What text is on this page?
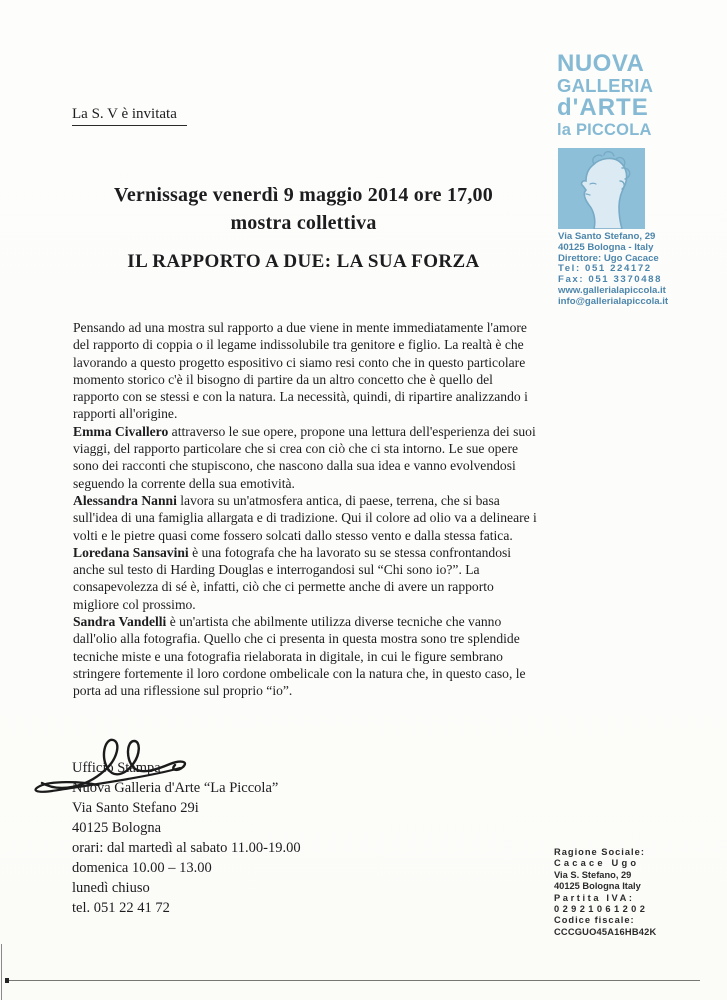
La S. V è invitata
Vernissage venerdì 9 maggio 2014 ore 17,00
mostra collettiva
IL RAPPORTO A DUE: LA SUA FORZA

Pensando ad una mostra sul rapporto a due viene in mente immediatamente l'amore del rapporto di coppia o il legame indissolubile tra genitore e figlio. La realtà è che lavorando a questo progetto espositivo ci siamo resi conto che in questo particolare momento storico c'è il bisogno di partire da un altro concetto che è quello del rapporto con se stessi e con la natura. La necessità, quindi, di ripartire analizzando i rapporti all'origine.

Emma Civallero attraverso le sue opere, propone una lettura dell'esperienza dei suoi viaggi, del rapporto particolare che si crea con ciò che ci sta intorno. Le sue opere sono dei racconti che stupiscono, che nascono dalla sua idea e vanno evolvendosi seguendo la corrente della sua emotività.

Alessandra Nanni lavora su un'atmosfera antica, di paese, terrena, che si basa sull'idea di una famiglia allargata e di tradizione. Qui il colore ad olio va a delineare i volti e le pietre quasi come fossero solcati dallo stesso vento e dalla stessa fatica.

Loredana Sansavini è una fotografa che ha lavorato su se stessa confrontandosi anche sul testo di Harding Douglas e interrogandosi sul “Chi sono io?”. La consapevolezza di sé è, infatti, ciò che ci permette anche di avere un rapporto migliore col prossimo.

Sandra Vandelli è un'artista che abilmente utilizza diverse tecniche che vanno dall'olio alla fotografia. Quello che ci presenta in questa mostra sono tre splendide tecniche miste e una fotografia rielaborata in digitale, in cui le figure sembrano stringere fortemente il loro cordone ombelicale con la natura che, in questo caso, le porta ad una riflessione sul proprio “io”.

NUOVA
GALLERIA
d'ARTE
la PICCOLA
Via Santo Stefano, 29
40125 Bologna - Italy
Direttore: Ugo Cacace
Tel: 051 224172
Fax: 051 3370488
www.gallerialapiccola.it
info@gallerialapiccola.it
Ufficio Stampa
Nuova Galleria d'Arte “La Piccola”
Via Santo Stefano 29i
40125 Bologna
orari: dal martedì al sabato 11.00-19.00
domenica 10.00 – 13.00
lunedì chiuso
tel. 051 22 41 72
Ragione Sociale:
Cacace Ugo
Via S. Stefano, 29
40125 Bologna Italy
Partita IVA:
02921061202
Codice fiscale:
CCCGUO45A16HB42K
